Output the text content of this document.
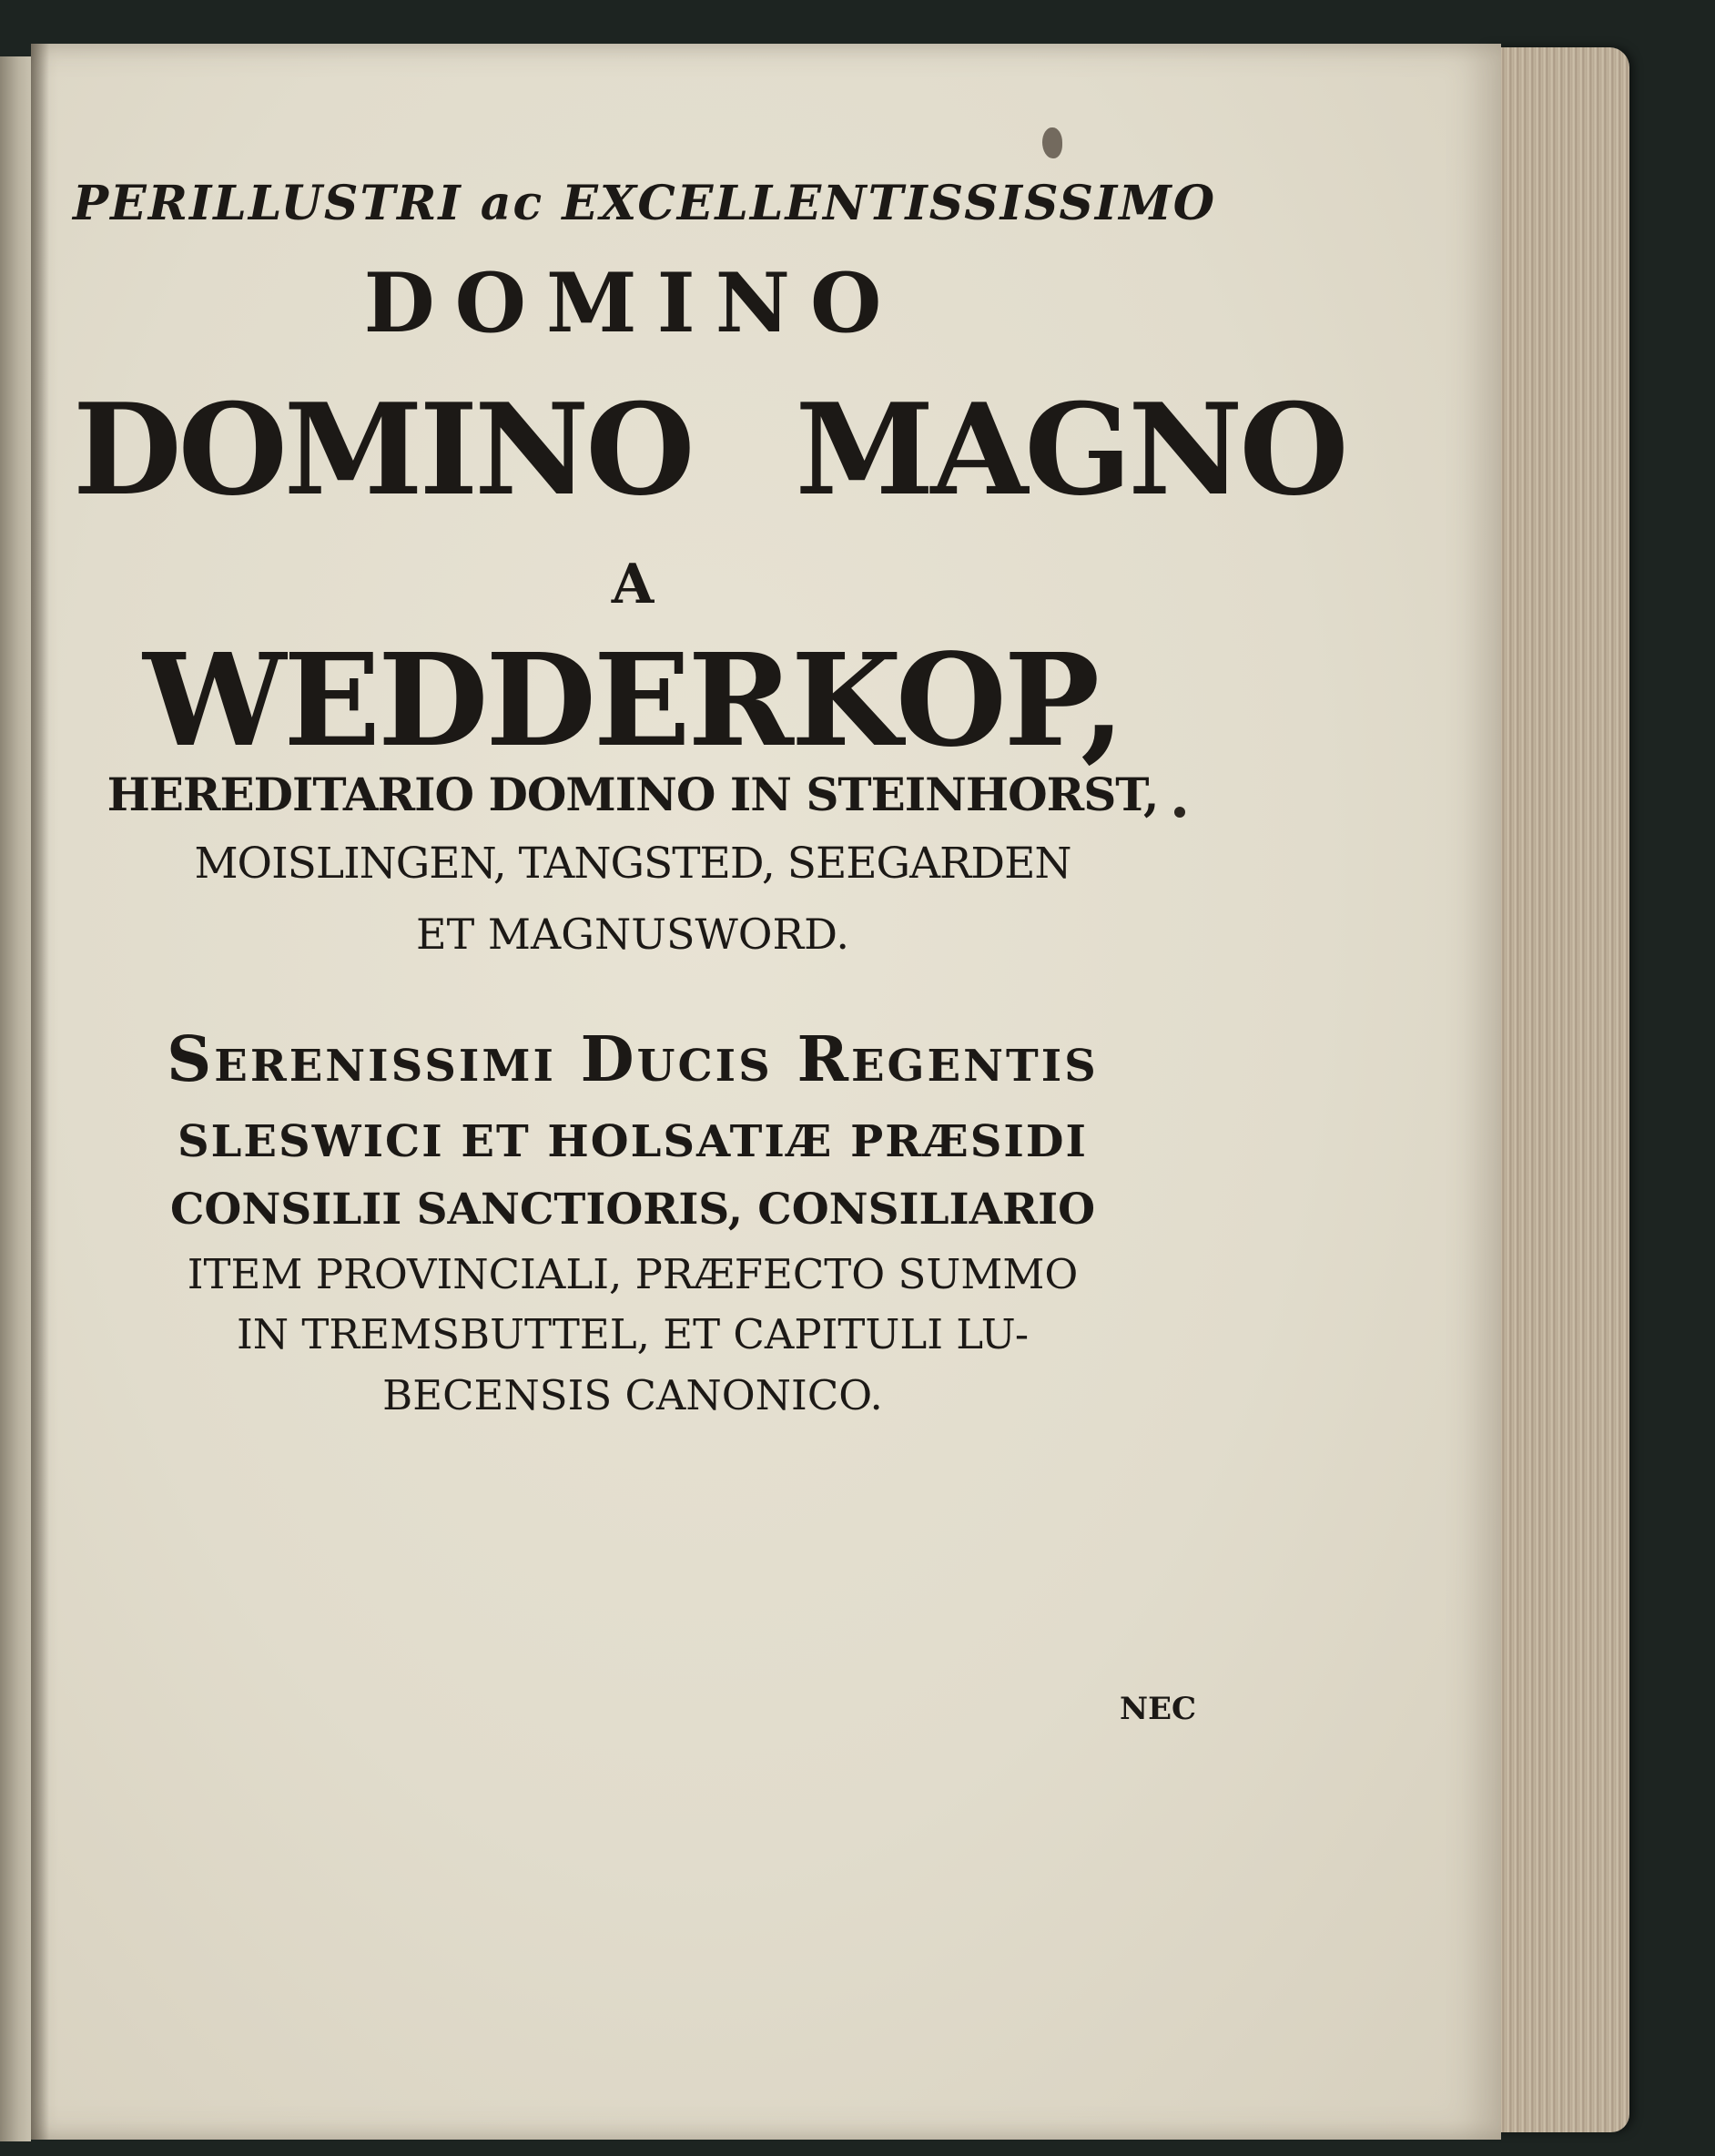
PERILLUSTRI ac EXCELLENTISSISSIMO

DOMINO

DOMINO MAGNO

A

WEDDERKOP,

HEREDITARIO DOMINO IN STEINHORST,

MOISLINGEN, TANGSTED, SEEGARDEN

ET MAGNUSWORD.

Serenissimi Ducis Regentis

SLESWICI ET HOLSATIÆ PRÆSIDI

CONSILII SANCTIORIS, CONSILIARIO

ITEM PROVINCIALI, PRÆFECTO SUMMO

IN TREMSBUTTEL, ET CAPITULI LU-

BECENSIS CANONICO.

NEC
